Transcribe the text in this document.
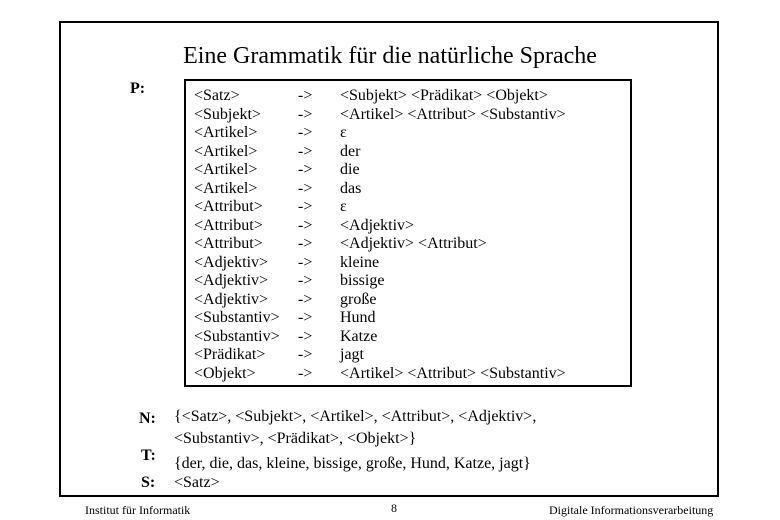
Eine Grammatik für die natürliche Sprache
P:	<Satz>	-> <Subjekt> <Prädikat> <Objekt>
<Subjekt> -> <Artikel> <Attribut> <Substantiv>
<Artikel>	-> ε
<Artikel>	-> der
<Artikel>	-> die
<Artikel>	-> das
<Attribut> -> ε
<Attribut> -> <Adjektiv>
<Attribut> -> <Adjektiv> <Attribut>
<Adjektiv> -> kleine
<Adjektiv> -> bissige
<Adjektiv> -> große
<Substantiv> -> Hund
<Substantiv> -> Katze
<Prädikat> -> jagt
<Objekt>	-> <Artikel> <Attribut> <Substantiv>
N: {<Satz>, <Subjekt>, <Artikel>, <Attribut>, <Adjektiv>,
<Substantiv>, <Prädikat>, <Objekt>}
T: {der, die, das, kleine, bissige, große, Hund, Katze, jagt}
S: <Satz>
Institut für Informatik	8	Digitale Informationsverarbeitung
